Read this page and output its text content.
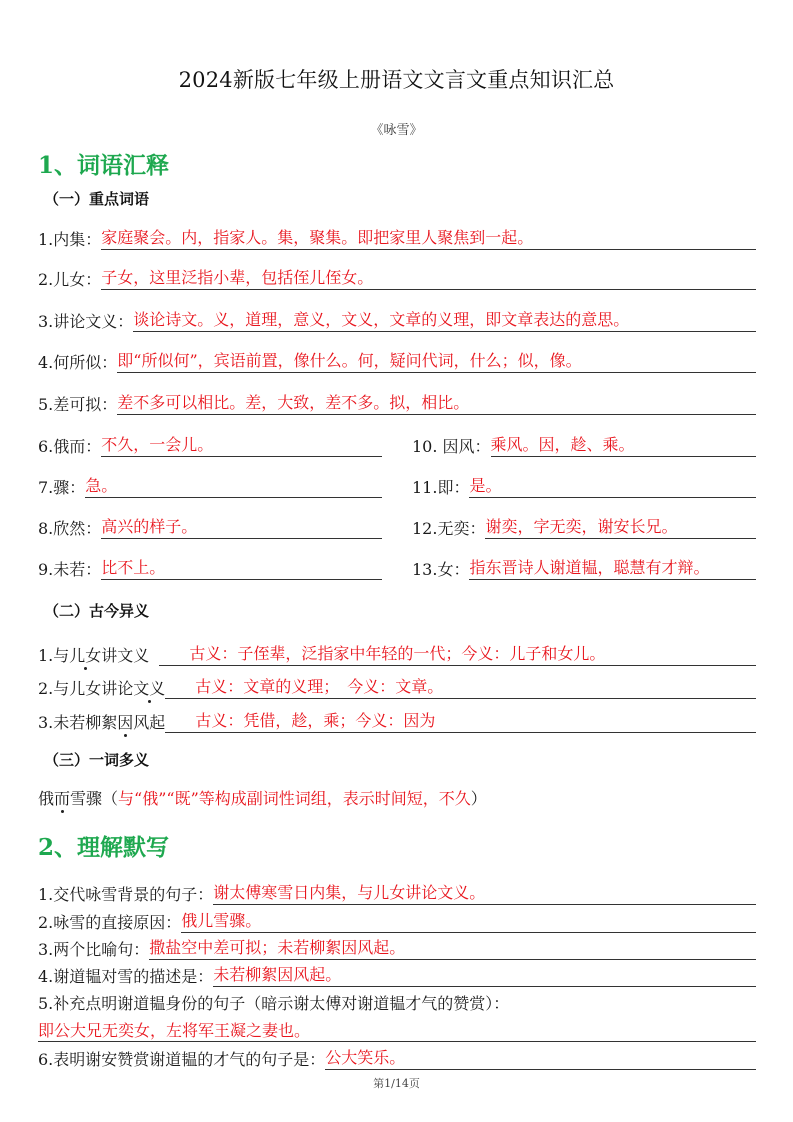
2024新版七年级上册语文文言文重点知识汇总
《咏雪》
1、词语汇释
（一）重点词语
1.内集： 家庭聚会。内，指家人。集，聚集。即把家里人聚焦到一起。
2.儿女： 子女，这里泛指小辈，包括侄儿侄女。
3.讲论文义： 谈论诗文。义，道理，意义，文义，文章的义理，即文章表达的意思。
4.何所似： 即“所似何”，宾语前置，像什么。何，疑问代词，什么；似，像。
5.差可拟： 差不多可以相比。差，大致，差不多。拟，相比。
6.俄而： 不久，一会儿。
7.骤： 急。
8.欣然： 高兴的样子。
9.未若： 比不上。
10. 因风： 乘风。因，趁、乘。
11.即： 是。
12.无奕： 谢奕，字无奕，谢安长兄。
13.女： 指东晋诗人谢道韫，聪慧有才辩。
（二）古今异义
1.与儿女讲文义	古义：子侄辈，泛指家中年轻的一代；今义：儿子和女儿。
2.与儿女讲论文义	古义：文章的义理；　今义：文章。
3.未若柳絮因风起	古义：凭借，趁，乘；今义：因为
（三）一词多义
俄而雪骤（与“俄”“既”等构成副词性词组，表示时间短，不久）
2、理解默写
1.交代咏雪背景的句子： 谢太傅寒雪日内集，与儿女讲论文义。
2.咏雪的直接原因： 俄儿雪骤。
3.两个比喻句： 撒盐空中差可拟；未若柳絮因风起。
4.谢道韫对雪的描述是： 未若柳絮因风起。
5.补充点明谢道韫身份的句子（暗示谢太傅对谢道韫才气的赞赏）：
即公大兄无奕女，左将军王凝之妻也。
6.表明谢安赞赏谢道韫的才气的句子是： 公大笑乐。
第1/14页
